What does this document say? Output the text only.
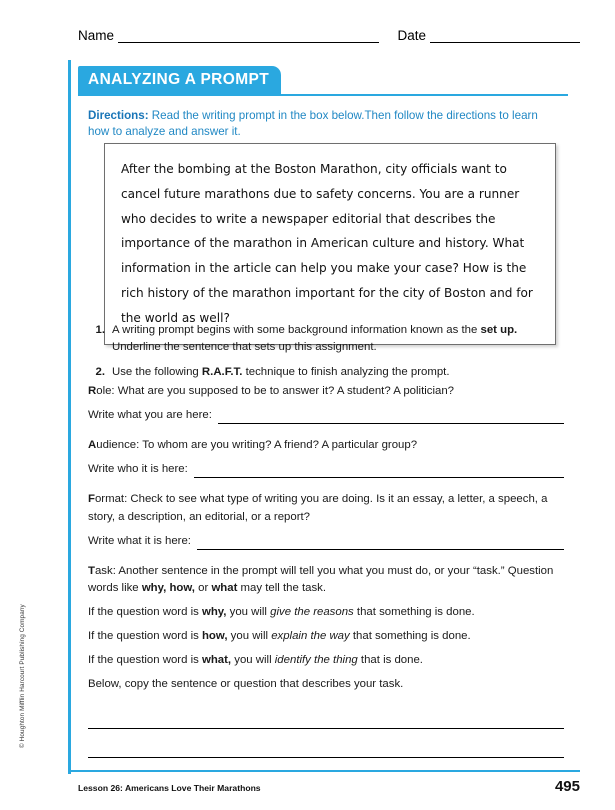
Name	Date
ANALYZING A PROMPT
Directions: Read the writing prompt in the box below.Then follow the directions to learn how to analyze and answer it.
After the bombing at the Boston Marathon, city officials want to cancel future marathons due to safety concerns. You are a runner who decides to write a newspaper editorial that describes the importance of the marathon in American culture and history. What information in the article can help you make your case? How is the rich history of the marathon important for the city of Boston and for the world as well?
1. A writing prompt begins with some background information known as the set up. Underline the sentence that sets up this assignment.
2. Use the following R.A.F.T. technique to finish analyzing the prompt.

Role: What are you supposed to be to answer it? A student? A politician?

Write what you are here:

Audience: To whom are you writing? A friend? A particular group?

Write who it is here:

Format: Check to see what type of writing you are doing. Is it an essay, a letter, a speech, a story, a description, an editorial, or a report?

Write what it is here:

Task: Another sentence in the prompt will tell you what you must do, or your “task.” Question words like why, how, or what may tell the task.

If the question word is why, you will give the reasons that something is done.

If the question word is how, you will explain the way that something is done.

If the question word is what, you will identify the thing that is done.

Below, copy the sentence or question that describes your task.

Lesson 26: Americans Love Their Marathons	495
© Houghton Mifflin Harcourt Publishing Company
